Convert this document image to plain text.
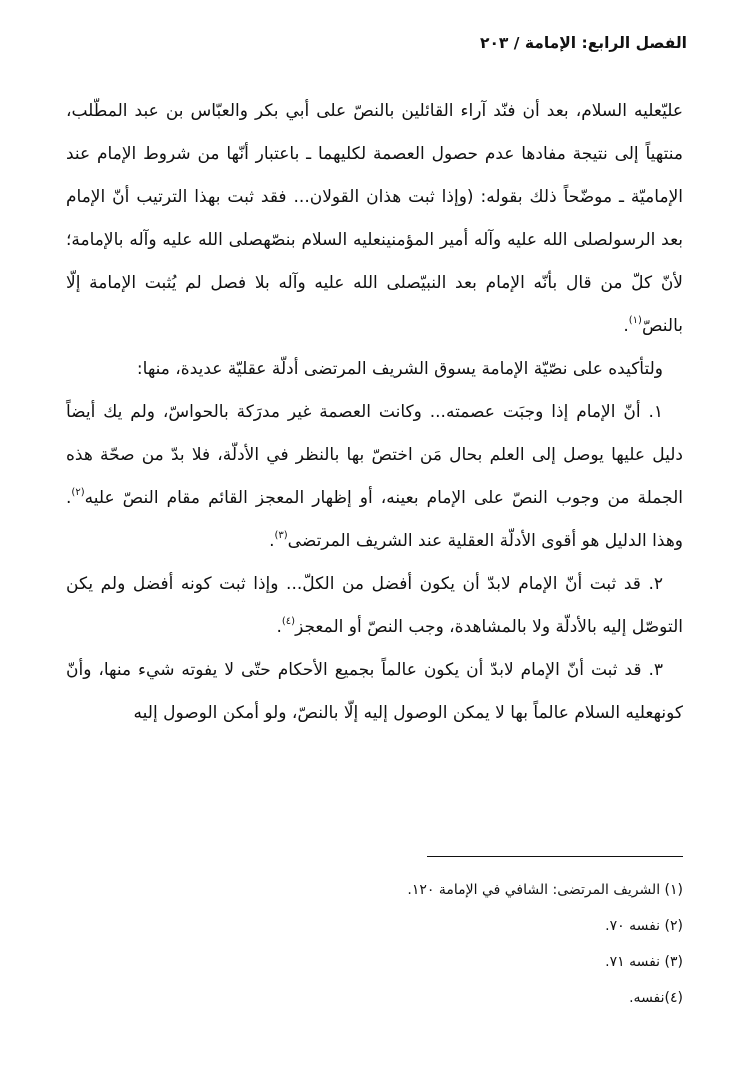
الفصل الرابع: الإمامة / ٢٠٣

عليّعليه السلام، بعد أن فنّد آراء القائلين بالنصّ على أبي بكر والعبّاس بن عبد المطّلب، منتهياً إلى نتيجة مفادها عدم حصول العصمة لكليهما ـ باعتبار أنّها من شروط الإمام عند الإماميّة ـ موضّحاً ذلك بقوله: (وإذا ثبت هذان القولان... فقد ثبت بهذا الترتيب أنّ الإمام بعد الرسولصلى الله عليه وآله أمير المؤمنينعليه السلام بنصّهصلى الله عليه وآله بالإمامة؛ لأنّ كلّ من قال بأنّه الإمام بعد النبيّصلى الله عليه وآله بلا فصل لم يُثبت الإمامة إلّا بالنصّ$^{(١)}$.

ولتأكيده على نصّيّة الإمامة يسوق الشريف المرتضى أدلّة عقليّة عديدة، منها:

١. أنّ الإمام إذا وجبَت عصمته... وكانت العصمة غير مدرَكة بالحواسّ، ولم يك أيضاً دليل عليها يوصل إلى العلم بحال مَن اختصّ بها بالنظر في الأدلّة، فلا بدّ من صحّة هذه الجملة من وجوب النصّ على الإمام بعينه، أو إظهار المعجز القائم مقام النصّ عليه$^{(٢)}$. وهذا الدليل هو أقوى الأدلّة العقلية عند الشريف المرتضى$^{(٣)}$.

٢. قد ثبت أنّ الإمام لابدّ أن يكون أفضل من الكلّ... وإذا ثبت كونه أفضل ولم يكن التوصّل إليه بالأدلّة ولا بالمشاهدة، وجب النصّ أو المعجز$^{(٤)}$.

٣. قد ثبت أنّ الإمام لابدّ أن يكون عالماً بجميع الأحكام حتّى لا يفوته شيء منها، وأنّ كونهعليه السلام عالماً بها لا يمكن الوصول إليه إلّا بالنصّ، ولو أمكن الوصول إليه

(١) الشريف المرتضى: الشافي في الإمامة ١٢٠.
(٢) نفسه ٧٠.
(٣) نفسه ٧١.
(٤)نفسه.
